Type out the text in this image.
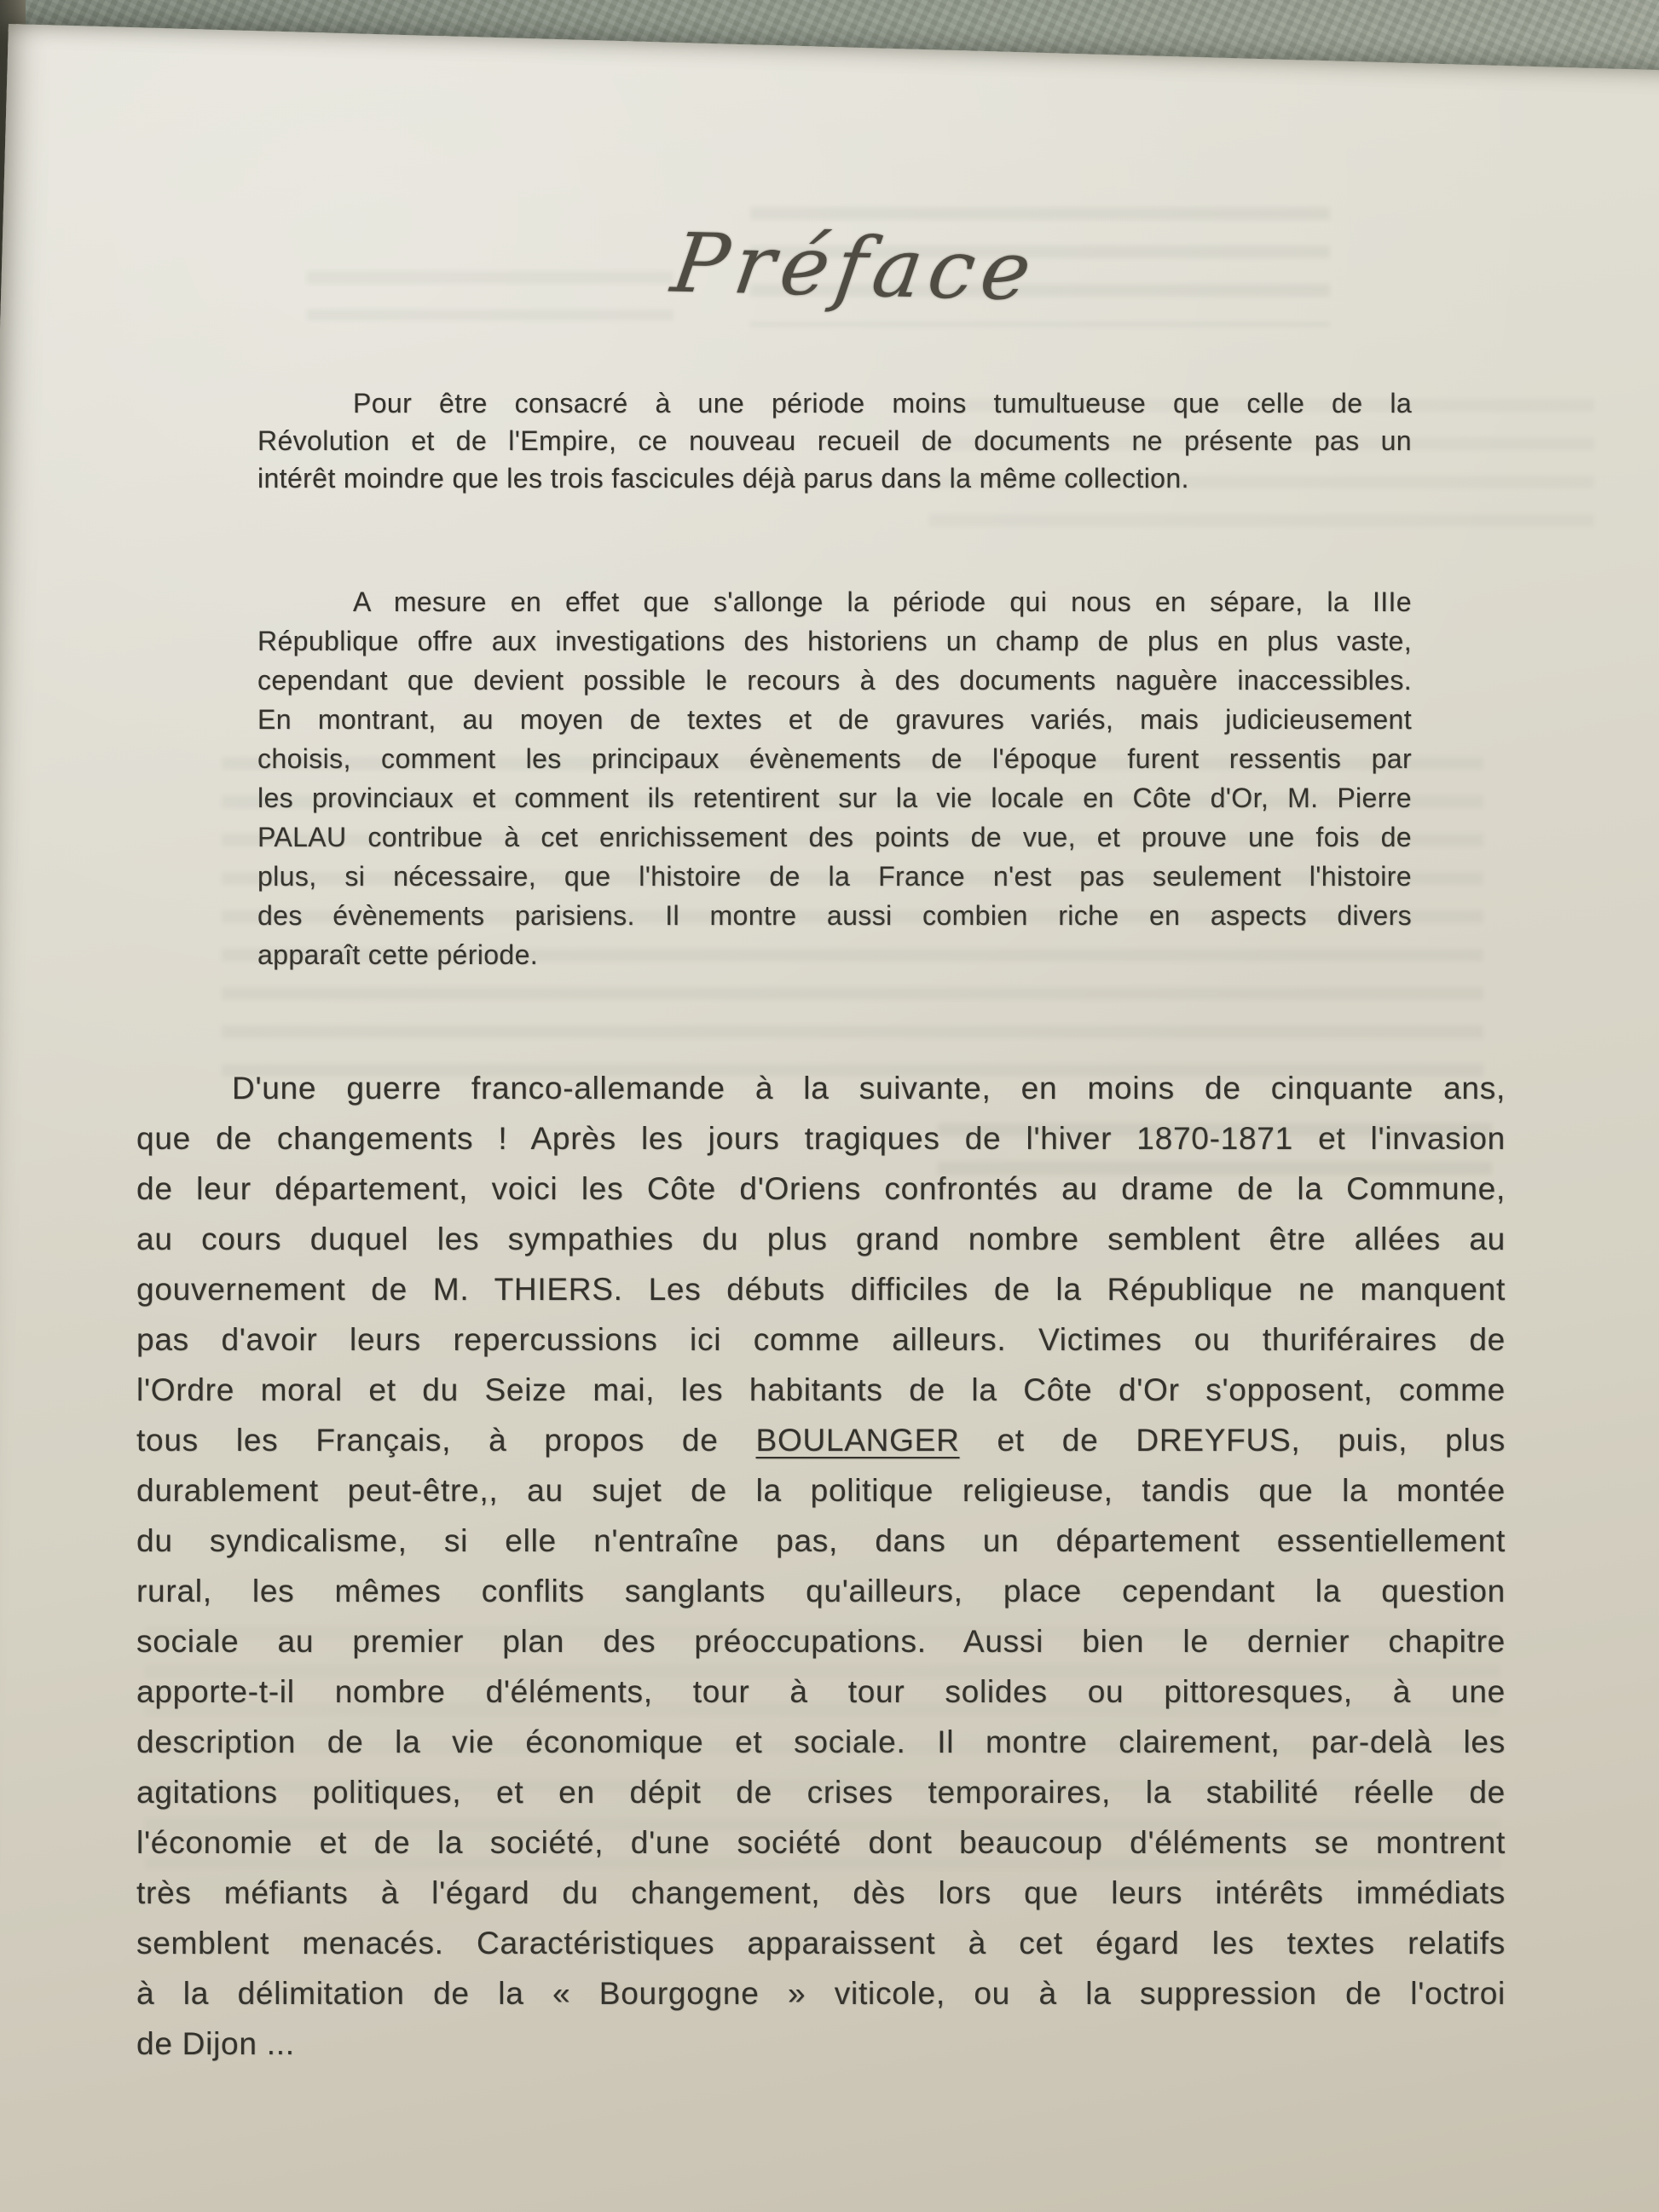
Préface
Pour être consacré à une période moins tumultueuse que celle de la
Révolution et de l'Empire, ce nouveau recueil de documents ne présente pas un
intérêt moindre que les trois fascicules déjà parus dans la même collection.
A mesure en effet que s'allonge la période qui nous en sépare, la IIIe
République offre aux investigations des historiens un champ de plus en plus vaste,
cependant que devient possible le recours à des documents naguère inaccessibles.
En montrant, au moyen de textes et de gravures variés, mais judicieusement
choisis, comment les principaux évènements de l'époque furent ressentis par
les provinciaux et comment ils retentirent sur la vie locale en Côte d'Or, M. Pierre
PALAU contribue à cet enrichissement des points de vue, et prouve une fois de
plus, si nécessaire, que l'histoire de la France n'est pas seulement l'histoire
des évènements parisiens. Il montre aussi combien riche en aspects divers
apparaît cette période.
D'une guerre franco-allemande à la suivante, en moins de cinquante ans,
que de changements ! Après les jours tragiques de l'hiver 1870-1871 et l'invasion
de leur département, voici les Côte d'Oriens confrontés au drame de la Commune,
au cours duquel les sympathies du plus grand nombre semblent être allées au
gouvernement de M. THIERS. Les débuts difficiles de la République ne manquent
pas d'avoir leurs repercussions ici comme ailleurs. Victimes ou thuriféraires de
l'Ordre moral et du Seize mai, les habitants de la Côte d'Or s'opposent, comme
tous les Français, à propos de BOULANGER et de DREYFUS, puis, plus
durablement peut-être,, au sujet de la politique religieuse, tandis que la montée
du syndicalisme, si elle n'entraîne pas, dans un département essentiellement
rural, les mêmes conflits sanglants qu'ailleurs, place cependant la question
sociale au premier plan des préoccupations. Aussi bien le dernier chapitre
apporte-t-il nombre d'éléments, tour à tour solides ou pittoresques, à une
description de la vie économique et sociale. Il montre clairement, par-delà les
agitations politiques, et en dépit de crises temporaires, la stabilité réelle de
l'économie et de la société, d'une société dont beaucoup d'éléments se montrent
très méfiants à l'égard du changement, dès lors que leurs intérêts immédiats
semblent menacés. Caractéristiques apparaissent à cet égard les textes relatifs
à la délimitation de la « Bourgogne » viticole, ou à la suppression de l'octroi
de Dijon ...
